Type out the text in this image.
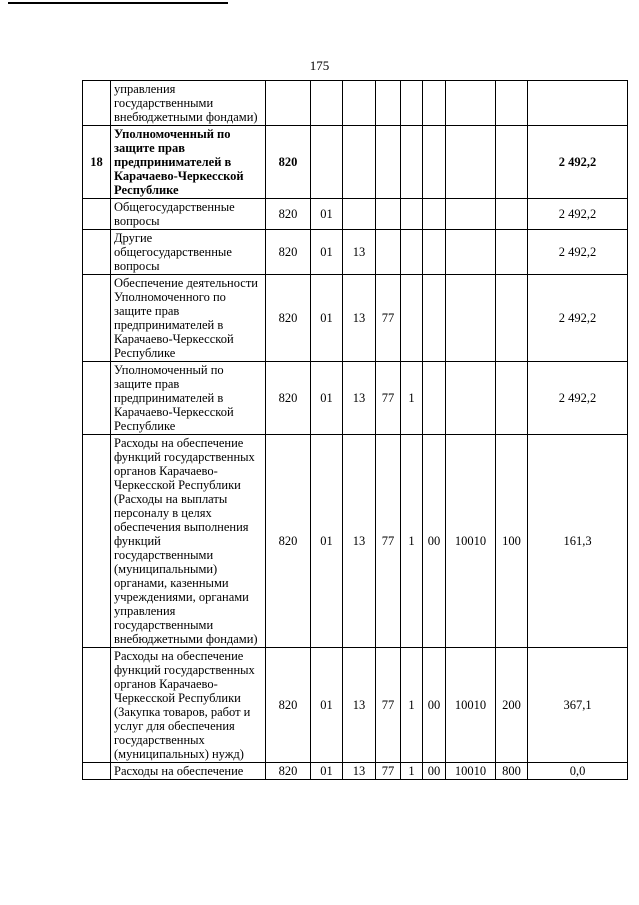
175
	управления государственными внебюджетными фондами)									
18	Уполномоченный по защите прав предпринимателей в Карачаево-Черкесской Республике	820								2 492,2
	Общегосударственные вопросы	820	01							2 492,2
	Другие общегосударственные вопросы	820	01	13						2 492,2
	Обеспечение деятельности Уполномоченного по защите прав предпринимателей в Карачаево-Черкесской Республике	820	01	13	77					2 492,2
	Уполномоченный по защите прав предпринимателей в Карачаево-Черкесской Республике	820	01	13	77	1				2 492,2
	Расходы на обеспечение функций государственных органов Карачаево-Черкесской Республики (Расходы на выплаты персоналу в целях обеспечения выполнения функций государственными (муниципальными) органами, казенными учреждениями, органами управления государственными внебюджетными фондами)	820	01	13	77	1	00	10010	100	161,3
	Расходы на обеспечение функций государственных органов Карачаево-Черкесской Республики (Закупка товаров, работ и услуг для обеспечения государственных (муниципальных) нужд)	820	01	13	77	1	00	10010	200	367,1
	Расходы на обеспечение	820	01	13	77	1	00	10010	800	0,0
